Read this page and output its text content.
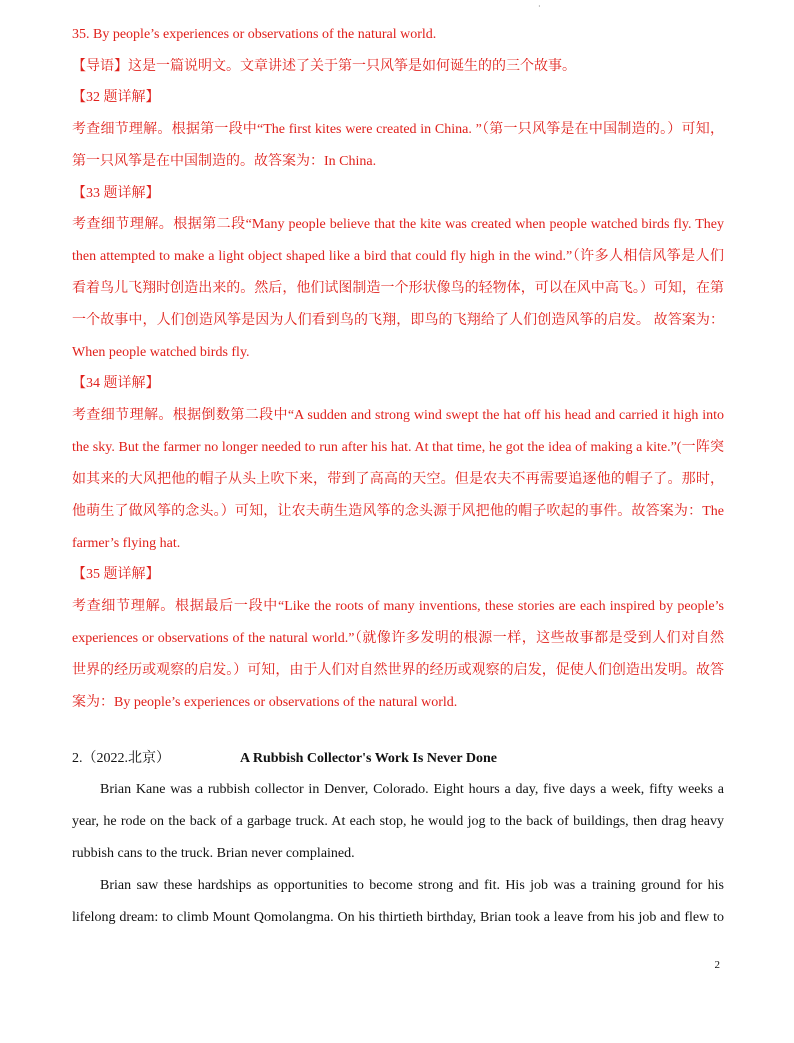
·
35. By people’s experiences or observations of the natural world.
【导语】这是一篇说明文。文章讲述了关于第一只风筝是如何诞生的的三个故事。
【32 题详解】
考查细节理解。根据第一段中“The first kites were created in China. ”（第一只风筝是在中国制造的。）可知，
第一只风筝是在中国制造的。故答案为：In China.
【33 题详解】
考查细节理解。根据第二段“Many people believe that the kite was created when people watched birds fly. They
then attempted to make a light object shaped like a bird that could fly high in the wind.”（许多人相信风筝是人们
看着鸟儿飞翔时创造出来的。然后，他们试图制造一个形状像鸟的轻物体，可以在风中高飞。）可知，在第
一个故事中，人们创造风筝是因为人们看到鸟的飞翔，即鸟的飞翔给了人们创造风筝的启发。 故答案为：
When people watched birds fly.
【34 题详解】
考查细节理解。根据倒数第二段中“A sudden and strong wind swept the hat off his head and carried it high into
the sky. But the farmer no longer needed to run after his hat. At that time, he got the idea of making a kite.”(一阵突
如其来的大风把他的帽子从头上吹下来，带到了高高的天空。但是农夫不再需要追逐他的帽子了。那时，
他萌生了做风筝的念头。）可知，让农夫萌生造风筝的念头源于风把他的帽子吹起的事件。故答案为：The
farmer’s flying hat.
【35 题详解】
考查细节理解。根据最后一段中“Like the roots of many inventions, these stories are each inspired by people’s
experiences or observations of the natural world.”（就像许多发明的根源一样，这些故事都是受到人们对自然
世界的经历或观察的启发。）可知，由于人们对自然世界的经历或观察的启发，促使人们创造出发明。故答
案为：By people’s experiences or observations of the natural world.
2.（2022.北京）	A Rubbish Collector's Work Is Never Done
Brian Kane was a rubbish collector in Denver, Colorado. Eight hours a day, five days a week, fifty weeks a
year, he rode on the back of a garbage truck. At each stop, he would jog to the back of buildings, then drag heavy
rubbish cans to the truck. Brian never complained.
Brian saw these hardships as opportunities to become strong and fit. His job was a training ground for his
lifelong dream: to climb Mount Qomolangma. On his thirtieth birthday, Brian took a leave from his job and flew to
2
